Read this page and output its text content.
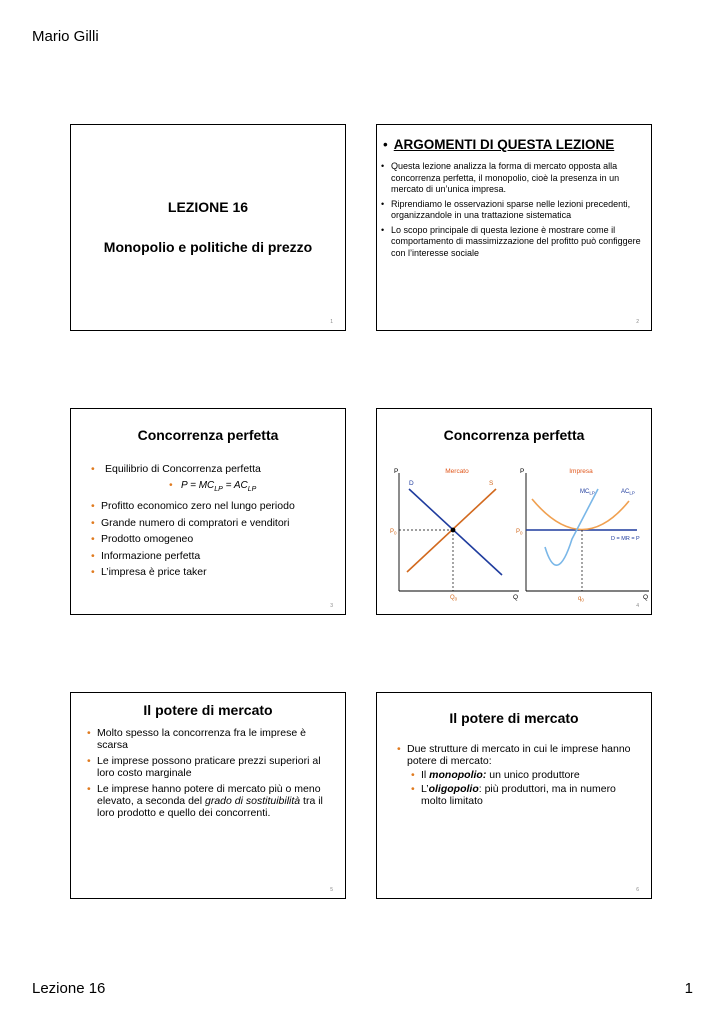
Mario Gilli
LEZIONE 16
Monopolio e politiche di prezzo
1
• ARGOMENTI DI QUESTA LEZIONE
• Questa lezione analizza la forma di mercato opposta alla concorrenza perfetta, il monopolio, cioè la presenza in un mercato di un’unica impresa.
• Riprendiamo le osservazioni sparse nelle lezioni precedenti, organizzandole in una trattazione sistematica
• Lo scopo principale di questa lezione è mostrare come il comportamento di massimizzazione del profitto può configgere con l’interesse sociale
2
Concorrenza perfetta
• Equilibrio di Concorrenza perfetta
• $P = MC_{LP} = AC_{LP}$
• Profitto economico zero nel lungo periodo
• Grande numero di compratori e venditori
• Prodotto omogeneo
• Informazione perfetta
• L’impresa è price taker
3
Concorrenza perfetta
Mercato
P
Q
D	S
$P_0$
$Q_0$
Impresa
P
Q
$MC_{LP}$	$AC_{LP}$
$P_0$
$q_0$
D = MR = P
4
Il potere di mercato
• Molto spesso la concorrenza fra le imprese è scarsa
• Le imprese possono praticare prezzi superiori al loro costo marginale
• Le imprese hanno potere di mercato più o meno elevato, a seconda del grado di sostituibilità tra il loro prodotto e quello dei concorrenti.
5
Il potere di mercato
• Due strutture di mercato in cui le imprese hanno potere di mercato:
• Il monopolio: un unico produttore
• L’oligopolio: più produttori, ma in numero molto limitato
6
Lezione 16	1
